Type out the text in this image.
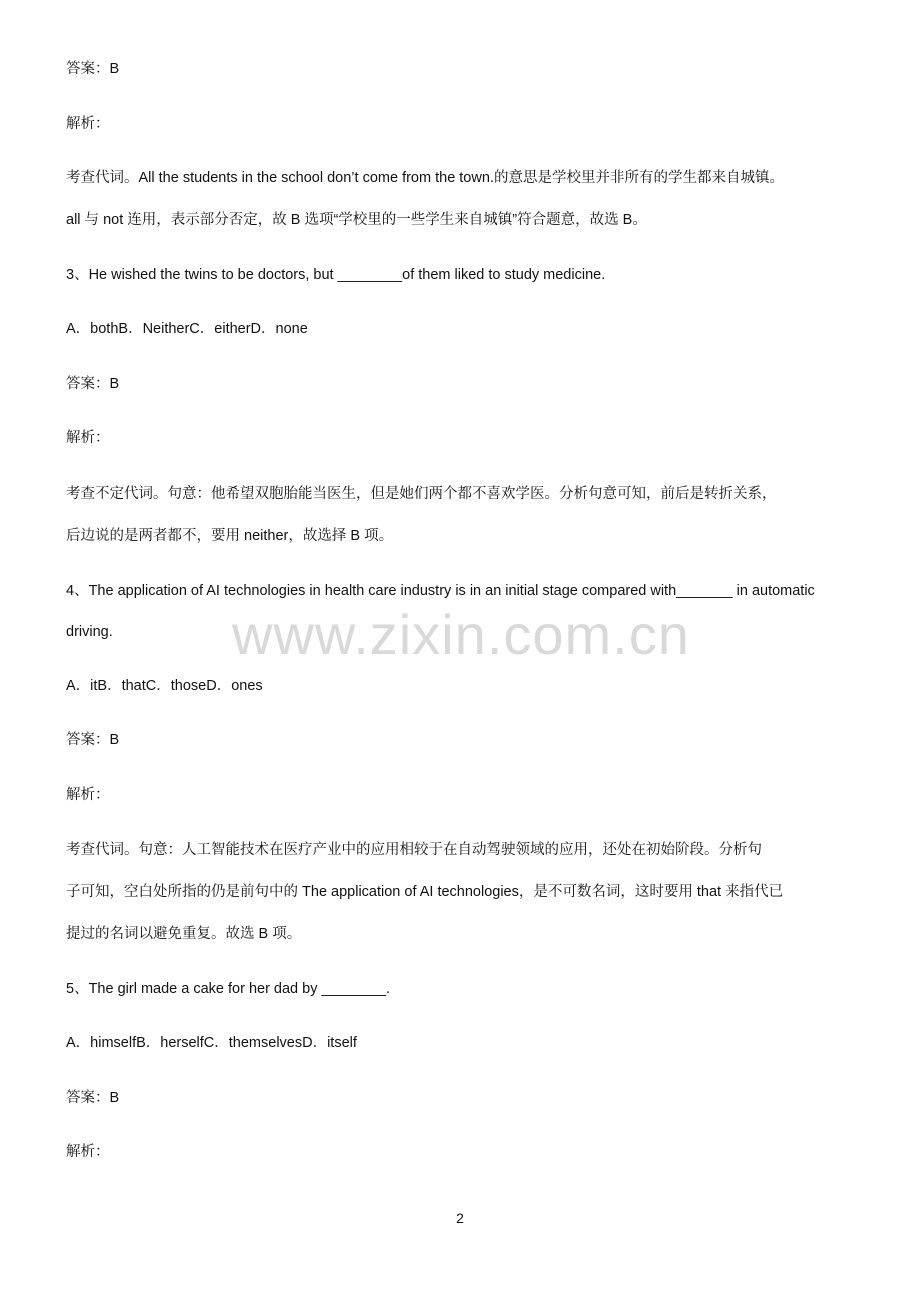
www.zixin.com.cn
答案：B
解析：
考查代词。All the students in the school don’t come from the town.的意思是学校里并非所有的学生都来自城镇。
all 与 not 连用，表示部分否定，故 B 选项“学校里的一些学生来自城镇”符合题意，故选 B。
3、He wished the twins to be doctors, but ________of them liked to study medicine.
A．bothB．NeitherC．eitherD．none
答案：B
解析：
考查不定代词。句意：他希望双胞胎能当医生，但是她们两个都不喜欢学医。分析句意可知，前后是转折关系，
后边说的是两者都不，要用 neither，故选择 B 项。
4、The application of AI technologies in health care industry is in an initial stage compared with_______ in automatic
driving.
A．itB．thatC．thoseD．ones
答案：B
解析：
考查代词。句意：人工智能技术在医疗产业中的应用相较于在自动驾驶领域的应用，还处在初始阶段。分析句
子可知，空白处所指的仍是前句中的 The application of AI technologies，是不可数名词，这时要用 that 来指代已
提过的名词以避免重复。故选 B 项。
5、The girl made a cake for her dad by ________.
A．himselfB．herselfC．themselvesD．itself
答案：B
解析：
2
